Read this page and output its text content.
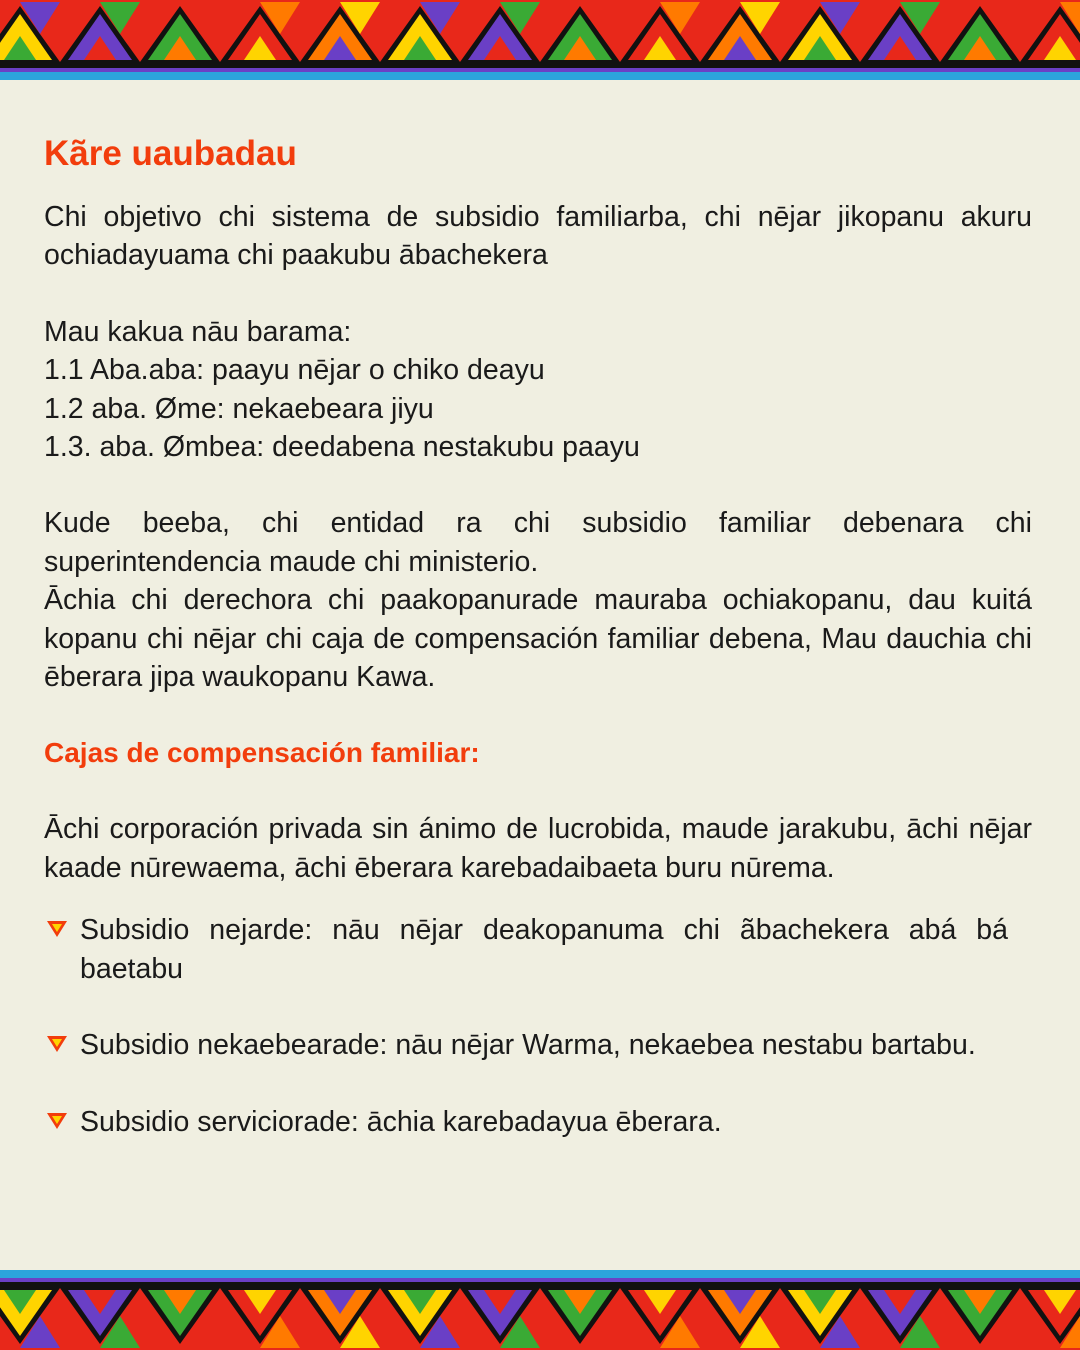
Kãre uaubadau

Chi objetivo chi sistema de subsidio familiarba, chi nējar jikopanu akuru ochiadayuama chi paakubu ābachekera

Mau kakua nāu barama:

1.1 Aba.aba: paayu nējar o chiko deayu

1.2 aba. Øme: nekaebeara jiyu

1.3. aba. Ømbea: deedabena nestakubu paayu

Kude beeba, chi entidad ra chi subsidio familiar debenara chi superintendencia maude chi ministerio.

Āchia chi derechora chi paakopanurade mauraba ochiakopanu, dau kuitá kopanu chi nējar chi caja de compensación familiar debena, Mau dauchia chi ēberara jipa waukopanu Kawa.

Cajas de compensación familiar:

Āchi corporación privada sin ánimo de lucrobida, maude jarakubu, āchi nējar kaade nūrewaema, āchi ēberara karebadaibaeta buru nūrema.

Subsidio nejarde: nāu nējar deakopanuma chi ãbachekera abá bá baetabu
Subsidio nekaebearade: nāu nējar Warma, nekaebea nestabu bartabu.
Subsidio serviciorade: āchia karebadayua ēberara.
